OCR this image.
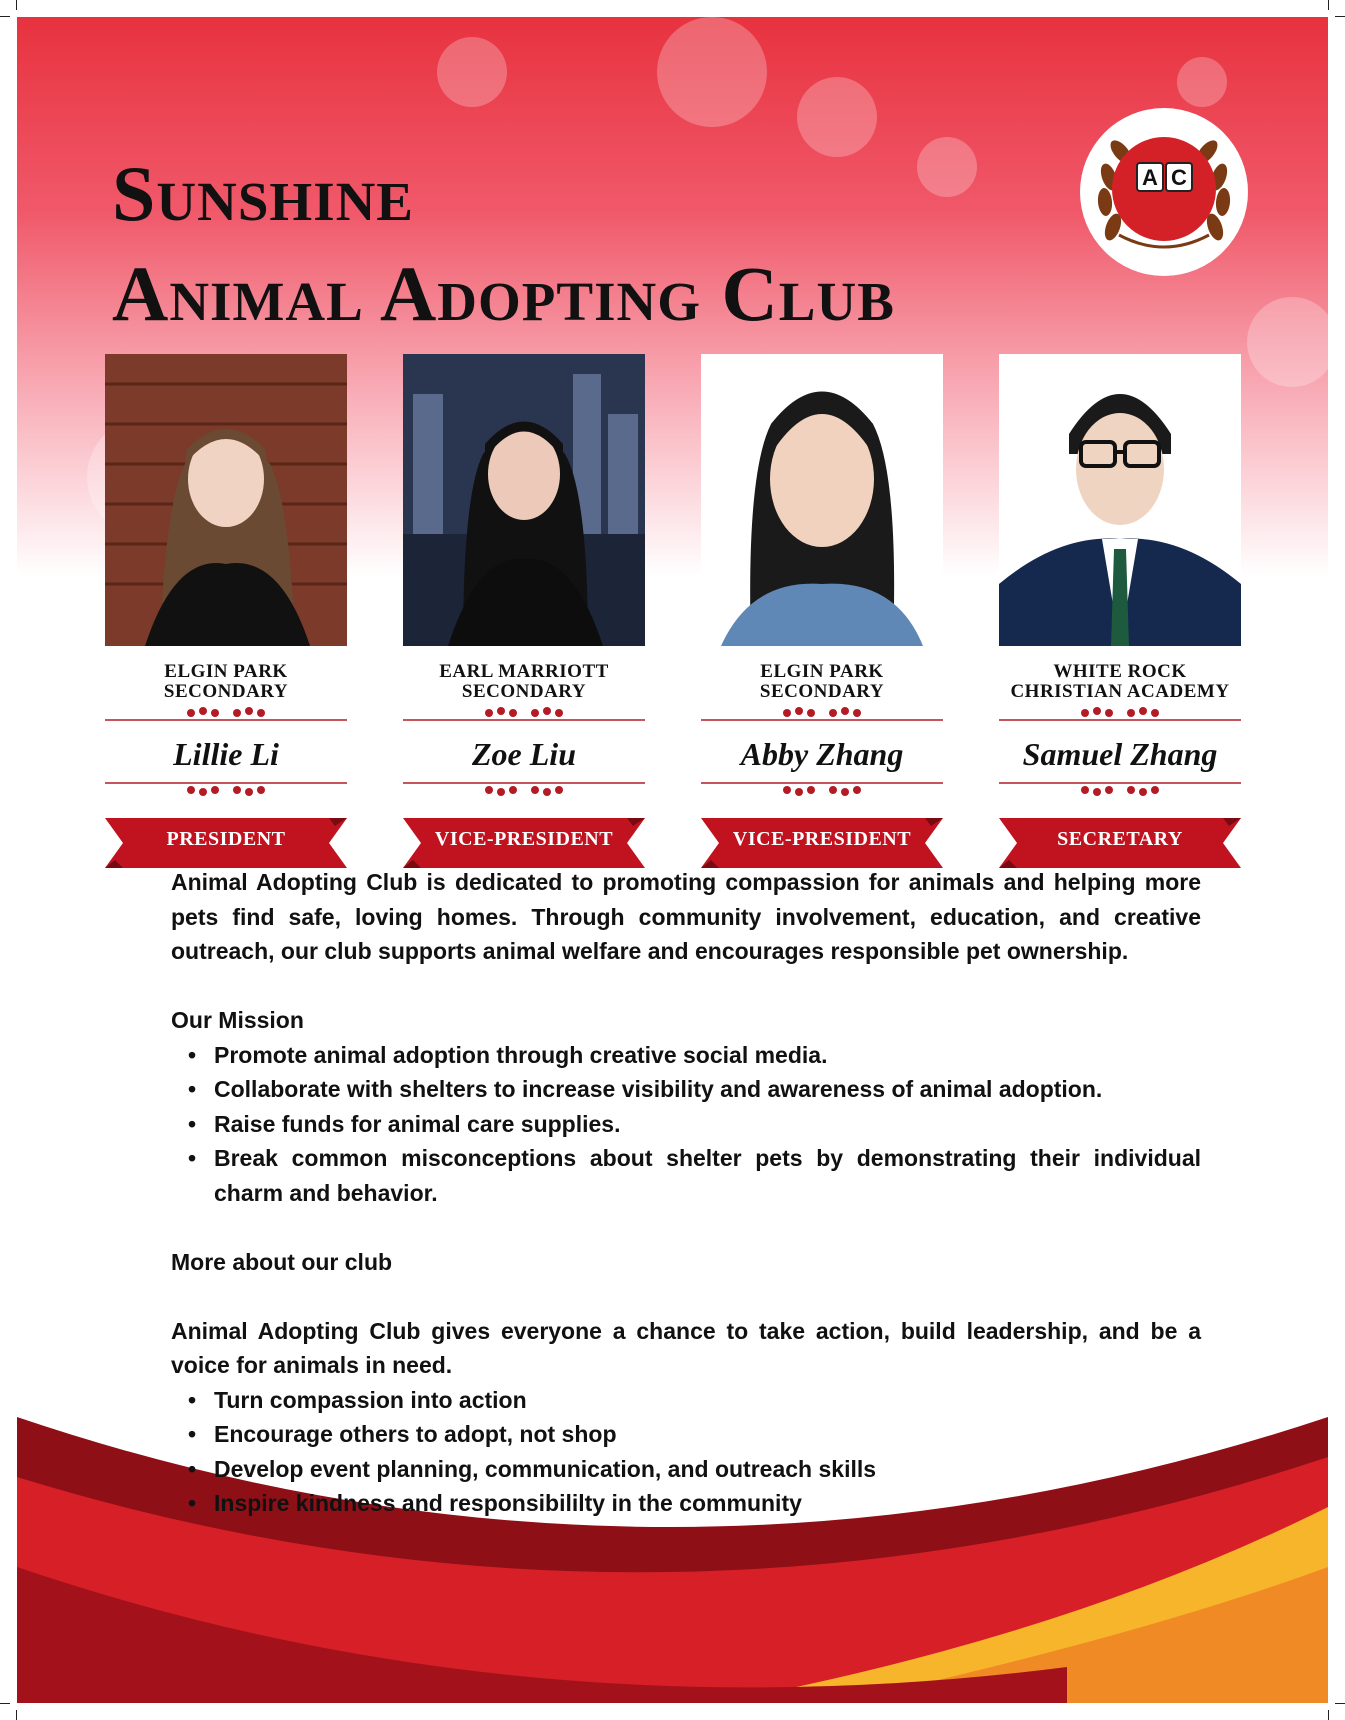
Sunshine
Animal Adopting Club
A C
ELGIN PARK SECONDARY
Lillie Li
PRESIDENT
EARL MARRIOTT SECONDARY
Zoe Liu
VICE-PRESIDENT
ELGIN PARK SECONDARY
Abby Zhang
VICE-PRESIDENT
WHITE ROCK CHRISTIAN ACADEMY
Samuel Zhang
SECRETARY

Animal Adopting Club is dedicated to promoting compassion for animals and helping more pets find safe, loving homes. Through community involvement, education, and creative outreach, our club supports animal welfare and encourages responsible pet ownership.

Our Mission

• Promote animal adoption through creative social media.
• Collaborate with shelters to increase visibility and awareness of animal adoption.
• Raise funds for animal care supplies.
• Break common misconceptions about shelter pets by demonstrating their individual charm and behavior.

More about our club

Animal Adopting Club gives everyone a chance to take action, build leadership, and be a voice for animals in need.

• Turn compassion into action
• Encourage others to adopt, not shop
• Develop event planning, communication, and outreach skills
• Inspire kindness and responsibililty in the community
